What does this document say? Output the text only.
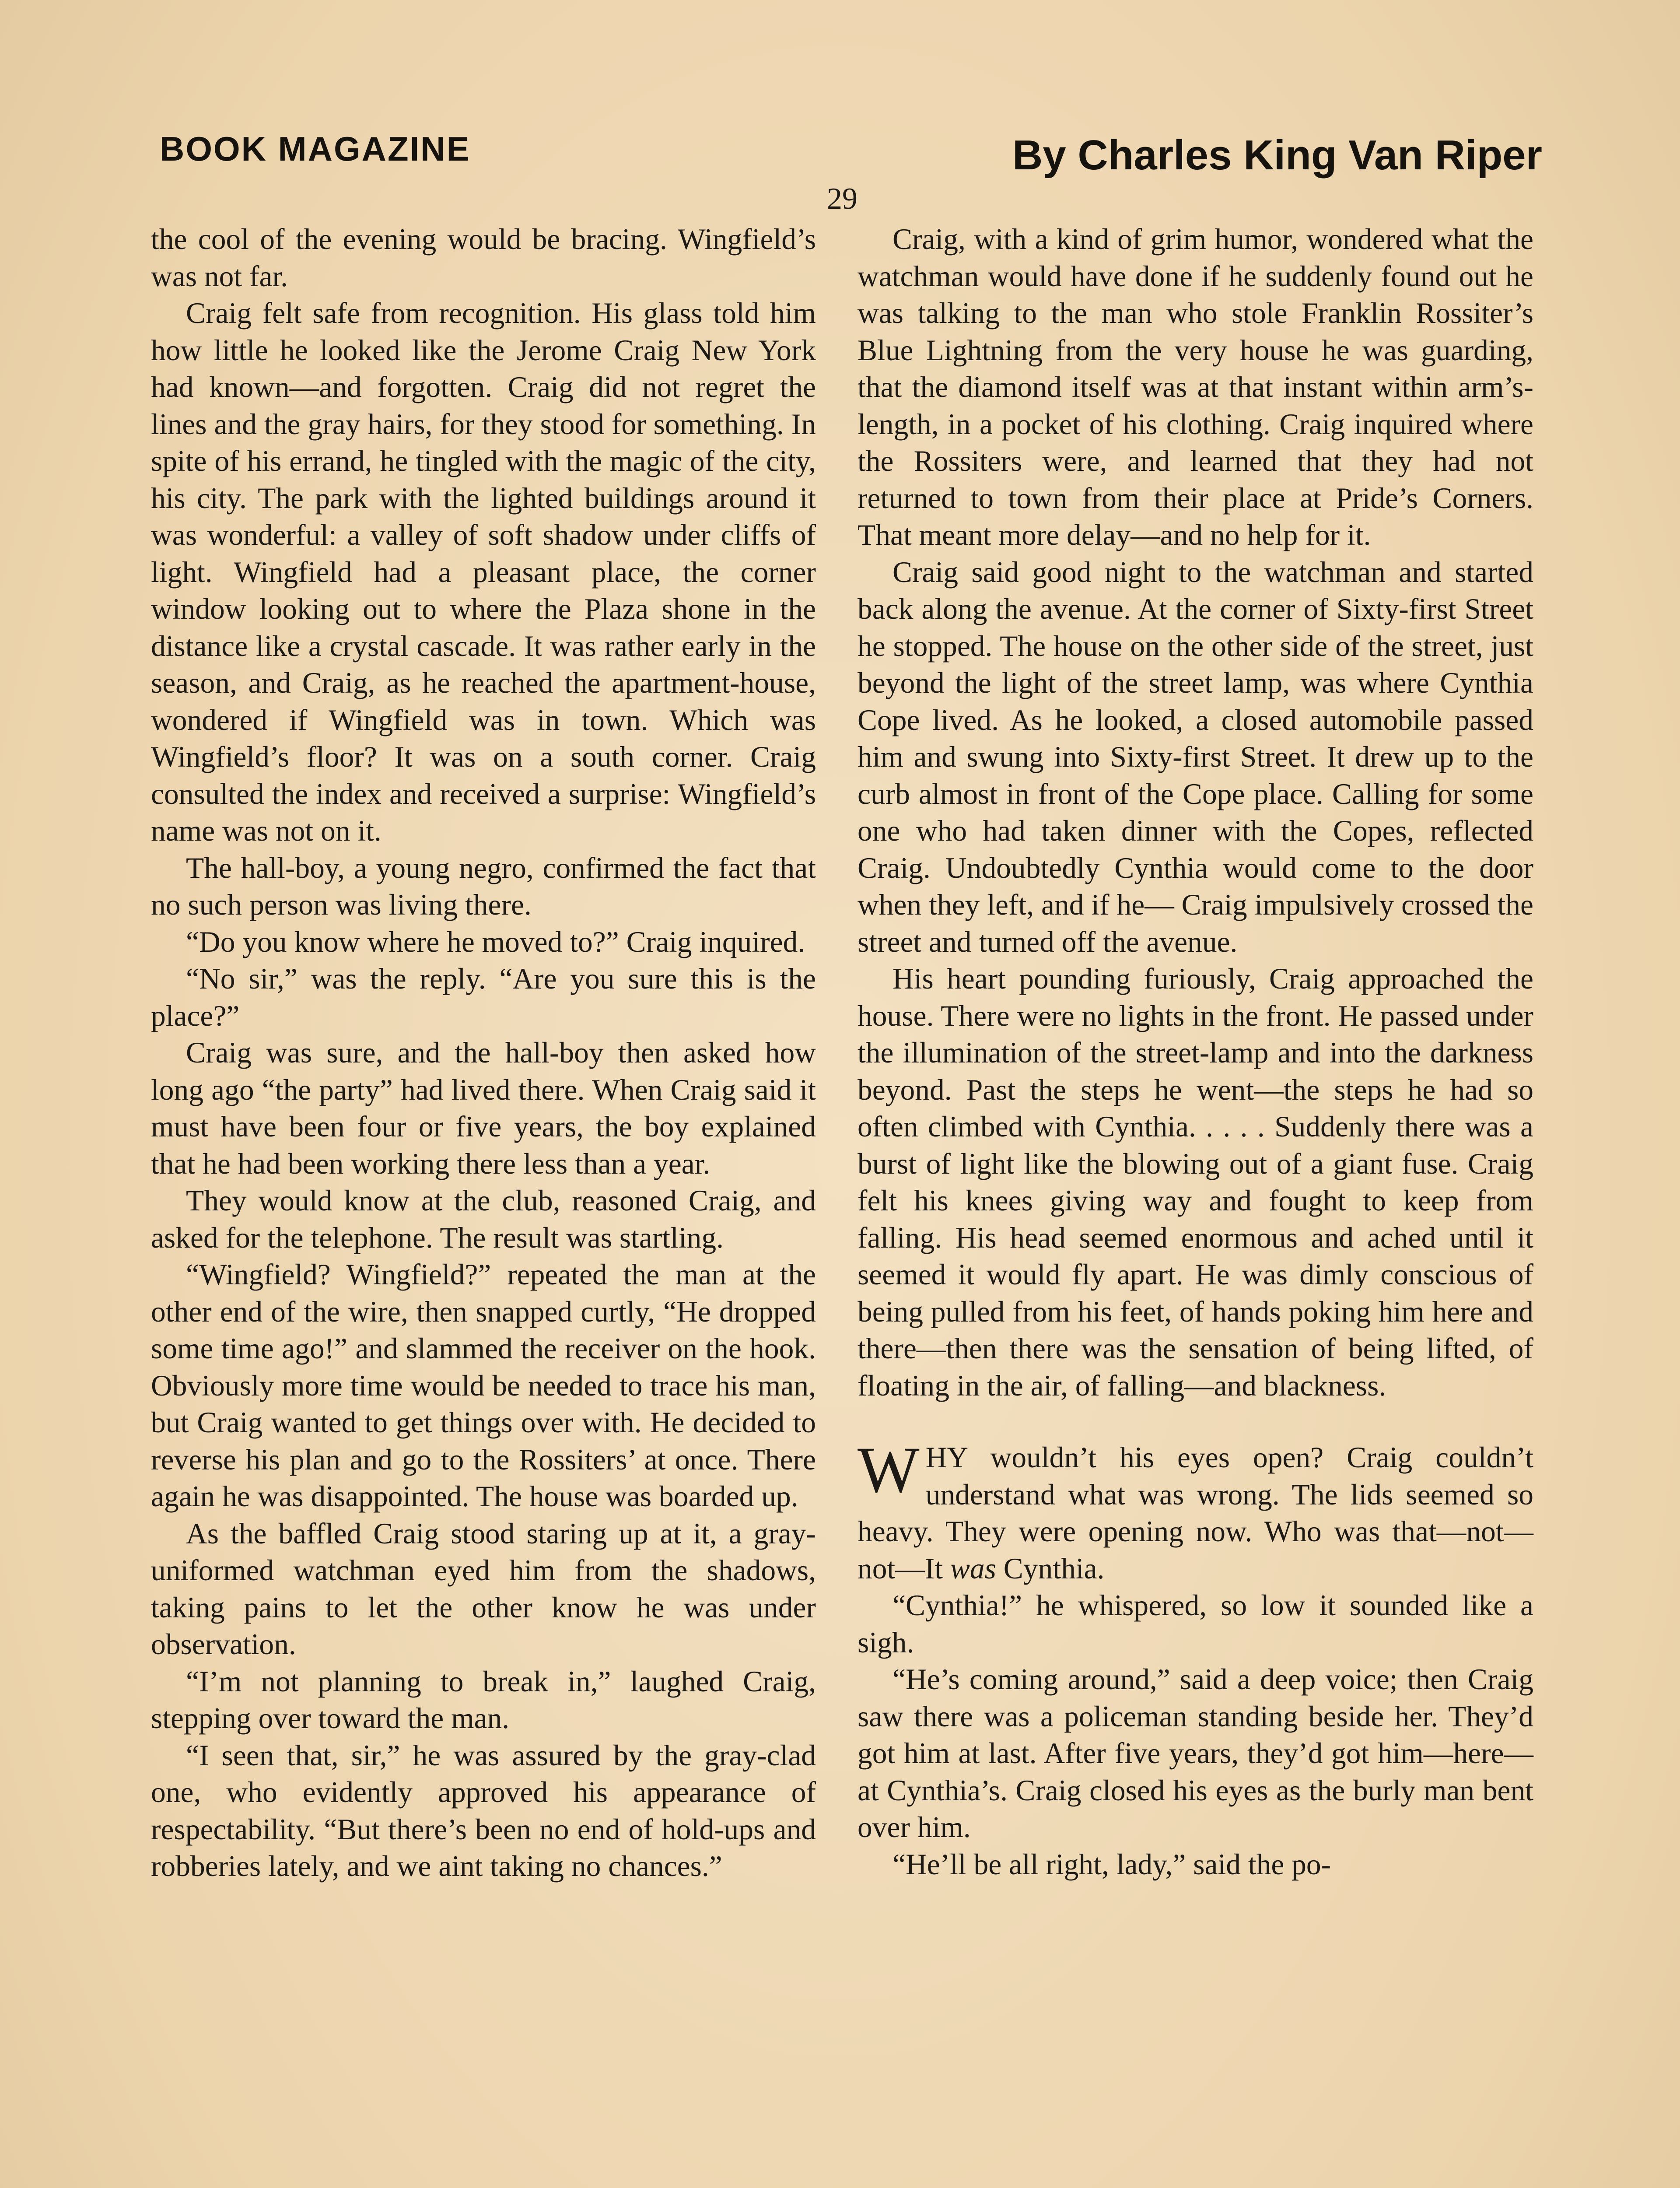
BOOK MAGAZINE	By Charles King Van Riper
29

the cool of the evening would be bracing. Wingfield’s was not far.

Craig felt safe from recognition. His glass told him how little he looked like the Jerome Craig New York had known—and forgotten. Craig did not regret the lines and the gray hairs, for they stood for something. In spite of his errand, he tingled with the magic of the city, his city. The park with the lighted buildings around it was wonderful: a valley of soft shadow under cliffs of light. Wingfield had a pleasant place, the corner window looking out to where the Plaza shone in the distance like a crystal cascade. It was rather early in the season, and Craig, as he reached the apartment-house, wondered if Wingfield was in town. Which was Wingfield’s floor? It was on a south corner. Craig consulted the index and received a surprise: Wingfield’s name was not on it.

The hall-boy, a young negro, confirmed the fact that no such person was living there.

“Do you know where he moved to?” Craig inquired.

“No sir,” was the reply. “Are you sure this is the place?”

Craig was sure, and the hall-boy then asked how long ago “the party” had lived there. When Craig said it must have been four or five years, the boy explained that he had been working there less than a year.

They would know at the club, reasoned Craig, and asked for the telephone. The result was startling.

“Wingfield? Wingfield?” repeated the man at the other end of the wire, then snapped curtly, “He dropped some time ago!” and slammed the receiver on the hook. Obviously more time would be needed to trace his man, but Craig wanted to get things over with. He decided to reverse his plan and go to the Rossiters’ at once. There again he was disappointed. The house was boarded up.

As the baffled Craig stood staring up at it, a gray-uniformed watchman eyed him from the shadows, taking pains to let the other know he was under observation.

“I’m not planning to break in,” laughed Craig, stepping over toward the man.

“I seen that, sir,” he was assured by the gray-clad one, who evidently approved his appearance of respectability. “But there’s been no end of hold-ups and robberies lately, and we aint taking no chances.”

Craig, with a kind of grim humor, wondered what the watchman would have done if he suddenly found out he was talking to the man who stole Franklin Rossiter’s Blue Lightning from the very house he was guarding, that the diamond itself was at that instant within arm’s-length, in a pocket of his clothing. Craig inquired where the Rossiters were, and learned that they had not returned to town from their place at Pride’s Corners. That meant more delay—and no help for it.

Craig said good night to the watchman and started back along the avenue. At the corner of Sixty-first Street he stopped. The house on the other side of the street, just beyond the light of the street lamp, was where Cynthia Cope lived. As he looked, a closed automobile passed him and swung into Sixty-first Street. It drew up to the curb almost in front of the Cope place. Calling for some one who had taken dinner with the Copes, reflected Craig. Undoubtedly Cynthia would come to the door when they left, and if he— Craig impulsively crossed the street and turned off the avenue.

His heart pounding furiously, Craig approached the house. There were no lights in the front. He passed under the illumination of the street-lamp and into the darkness beyond. Past the steps he went—the steps he had so often climbed with Cynthia. . . . . Suddenly there was a burst of light like the blowing out of a giant fuse. Craig felt his knees giving way and fought to keep from falling. His head seemed enormous and ached until it seemed it would fly apart. He was dimly conscious of being pulled from his feet, of hands poking him here and there—then there was the sensation of being lifted, of floating in the air, of falling—and blackness.

WHY wouldn’t his eyes open? Craig couldn’t understand what was wrong. The lids seemed so heavy. They were opening now. Who was that—not—not—It was Cynthia.

“Cynthia!” he whispered, so low it sounded like a sigh.

“He’s coming around,” said a deep voice; then Craig saw there was a policeman standing beside her. They’d got him at last. After five years, they’d got him—here—at Cynthia’s. Craig closed his eyes as the burly man bent over him.

“He’ll be all right, lady,” said the po-
